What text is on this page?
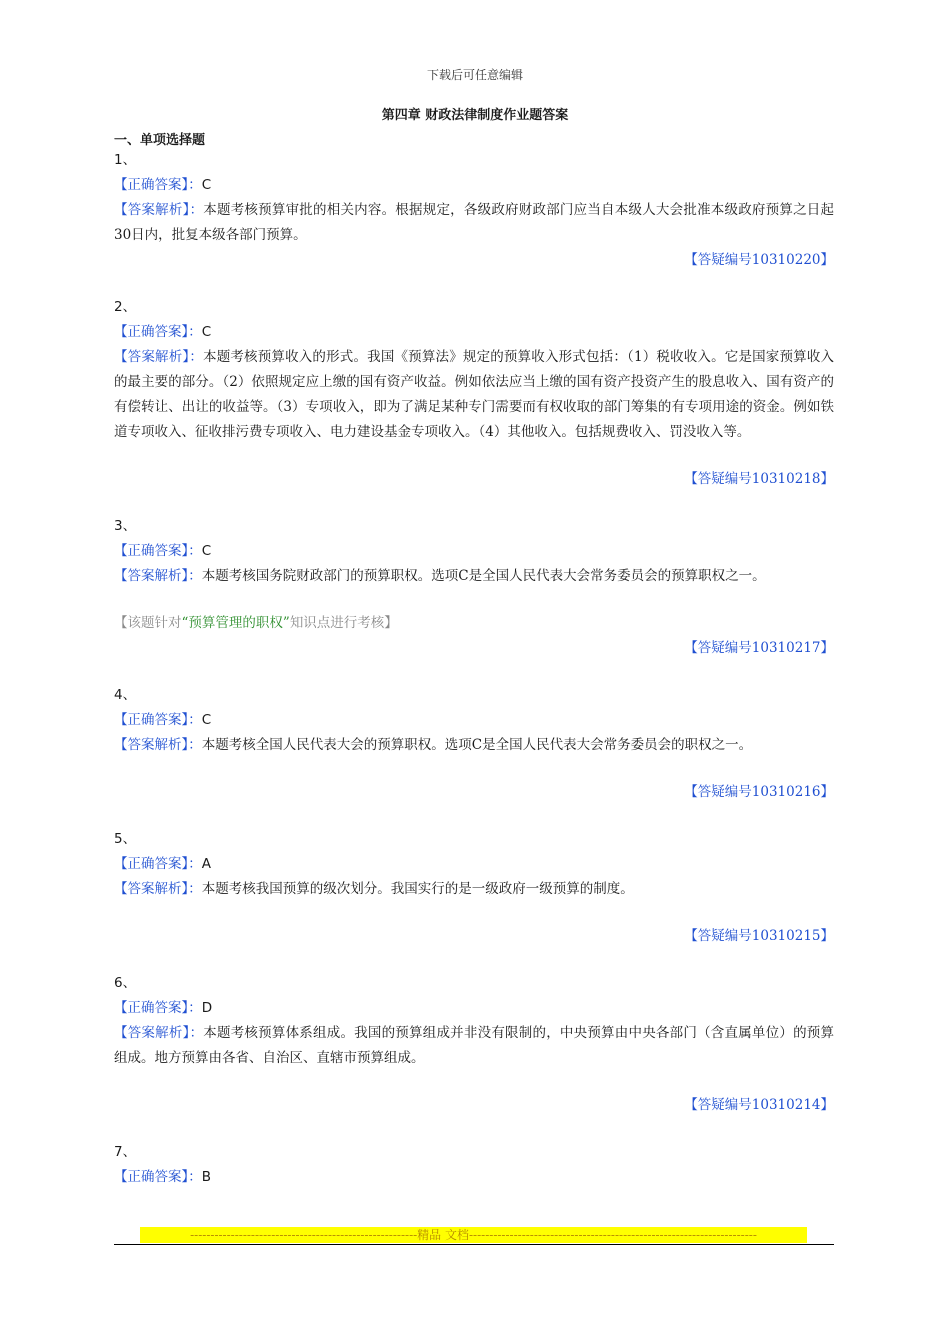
下载后可任意编辑
第四章 财政法律制度作业题答案
一、单项选择题
1、
【正确答案】：C
【答案解析】：本题考核预算审批的相关内容。根据规定，各级政府财政部门应当自本级人大会批准本级政府预算之日起30日内，批复本级各部门预算。
【答疑编号10310220】
2、
【正确答案】：C
【答案解析】：本题考核预算收入的形式。我国《预算法》规定的预算收入形式包括：（1）税收收入。它是国家预算收入的最主要的部分。（2）依照规定应上缴的国有资产收益。例如依法应当上缴的国有资产投资产生的股息收入、国有资产的有偿转让、出让的收益等。（3）专项收入，即为了满足某种专门需要而有权收取的部门筹集的有专项用途的资金。例如铁道专项收入、征收排污费专项收入、电力建设基金专项收入。（4）其他收入。包括规费收入、罚没收入等。
【答疑编号10310218】
3、
【正确答案】：C
【答案解析】：本题考核国务院财政部门的预算职权。选项C是全国人民代表大会常务委员会的预算职权之一。
【该题针对“预算管理的职权”知识点进行考核】
【答疑编号10310217】
4、
【正确答案】：C
【答案解析】：本题考核全国人民代表大会的预算职权。选项C是全国人民代表大会常务委员会的职权之一。
【答疑编号10310216】
5、
【正确答案】：A
【答案解析】：本题考核我国预算的级次划分。我国实行的是一级政府一级预算的制度。
【答疑编号10310215】
6、
【正确答案】：D
【答案解析】：本题考核预算体系组成。我国的预算组成并非没有限制的，中央预算由中央各部门（含直属单位）的预算组成。地方预算由各省、自治区、直辖市预算组成。
【答疑编号10310214】
7、
【正确答案】：B
--------------------------------------------------------精品 文档-----------------------------------------------------------------------
